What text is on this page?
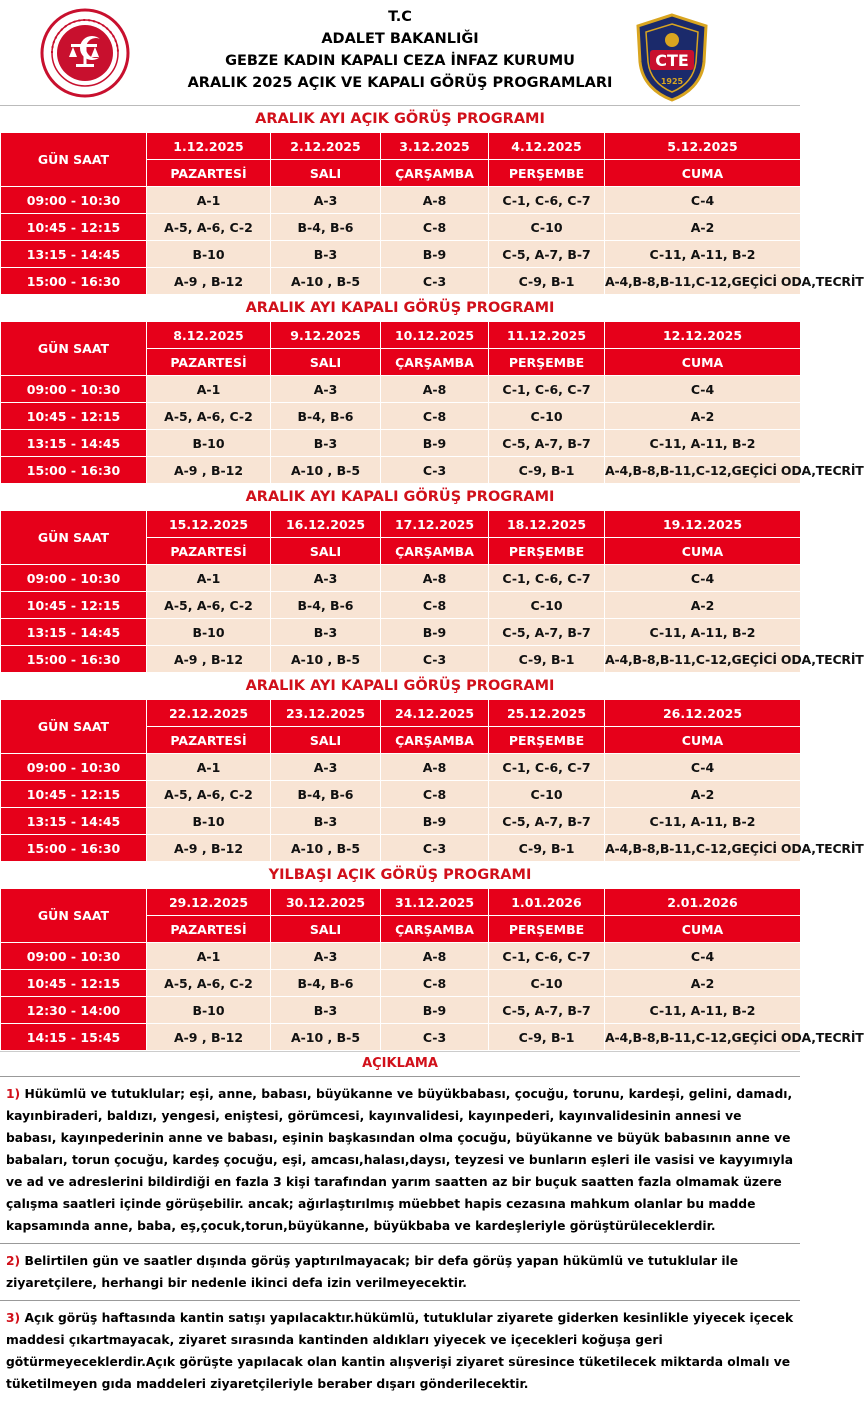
T.C
ADALET BAKANLIĞI
GEBZE KADIN KAPALI CEZA İNFAZ KURUMU
ARALIK 2025 AÇIK VE KAPALI GÖRÜŞ PROGRAMLARI
CTE
1925
ARALIK AYI AÇIK GÖRÜŞ PROGRAMI
GÜN SAAT	1.12.2025	2.12.2025	3.12.2025	4.12.2025	5.12.2025
	PAZARTESİ	SALI	ÇARŞAMBA	PERŞEMBE	CUMA
09:00 - 10:30	A-1	A-3	A-8	C-1, C-6, C-7	C-4
10:45 - 12:15	A-5, A-6, C-2	B-4, B-6	C-8	C-10	A-2
13:15 - 14:45	B-10	B-3	B-9	C-5, A-7, B-7	C-11, A-11, B-2
15:00 - 16:30	A-9 , B-12	A-10 , B-5	C-3	C-9, B-1	A-4,B-8,B-11,C-12,GEÇİCİ ODA,TECRİT
ARALIK AYI KAPALI GÖRÜŞ PROGRAMI
GÜN SAAT	8.12.2025	9.12.2025	10.12.2025	11.12.2025	12.12.2025
	PAZARTESİ	SALI	ÇARŞAMBA	PERŞEMBE	CUMA
09:00 - 10:30	A-1	A-3	A-8	C-1, C-6, C-7	C-4
10:45 - 12:15	A-5, A-6, C-2	B-4, B-6	C-8	C-10	A-2
13:15 - 14:45	B-10	B-3	B-9	C-5, A-7, B-7	C-11, A-11, B-2
15:00 - 16:30	A-9 , B-12	A-10 , B-5	C-3	C-9, B-1	A-4,B-8,B-11,C-12,GEÇİCİ ODA,TECRİT
ARALIK AYI KAPALI GÖRÜŞ PROGRAMI
GÜN SAAT	15.12.2025	16.12.2025	17.12.2025	18.12.2025	19.12.2025
	PAZARTESİ	SALI	ÇARŞAMBA	PERŞEMBE	CUMA
09:00 - 10:30	A-1	A-3	A-8	C-1, C-6, C-7	C-4
10:45 - 12:15	A-5, A-6, C-2	B-4, B-6	C-8	C-10	A-2
13:15 - 14:45	B-10	B-3	B-9	C-5, A-7, B-7	C-11, A-11, B-2
15:00 - 16:30	A-9 , B-12	A-10 , B-5	C-3	C-9, B-1	A-4,B-8,B-11,C-12,GEÇİCİ ODA,TECRİT
ARALIK AYI KAPALI GÖRÜŞ PROGRAMI
GÜN SAAT	22.12.2025	23.12.2025	24.12.2025	25.12.2025	26.12.2025
	PAZARTESİ	SALI	ÇARŞAMBA	PERŞEMBE	CUMA
09:00 - 10:30	A-1	A-3	A-8	C-1, C-6, C-7	C-4
10:45 - 12:15	A-5, A-6, C-2	B-4, B-6	C-8	C-10	A-2
13:15 - 14:45	B-10	B-3	B-9	C-5, A-7, B-7	C-11, A-11, B-2
15:00 - 16:30	A-9 , B-12	A-10 , B-5	C-3	C-9, B-1	A-4,B-8,B-11,C-12,GEÇİCİ ODA,TECRİT
YILBAŞI AÇIK GÖRÜŞ PROGRAMI
GÜN SAAT	29.12.2025	30.12.2025	31.12.2025	1.01.2026	2.01.2026
	PAZARTESİ	SALI	ÇARŞAMBA	PERŞEMBE	CUMA
09:00 - 10:30	A-1	A-3	A-8	C-1, C-6, C-7	C-4
10:45 - 12:15	A-5, A-6, C-2	B-4, B-6	C-8	C-10	A-2
12:30 - 14:00	B-10	B-3	B-9	C-5, A-7, B-7	C-11, A-11, B-2
14:15 - 15:45	A-9 , B-12	A-10 , B-5	C-3	C-9, B-1	A-4,B-8,B-11,C-12,GEÇİCİ ODA,TECRİT
AÇIKLAMA
1) Hükümlü ve tutuklular; eşi, anne, babası, büyükanne ve büyükbabası, çocuğu, torunu, kardeşi, gelini, damadı, kayınbiraderi, baldızı, yengesi, eniştesi, görümcesi, kayınvalidesi, kayınpederi, kayınvalidesinin annesi ve babası, kayınpederinin anne ve babası, eşinin başkasından olma çocuğu, büyükanne ve büyük babasının anne ve babaları, torun çocuğu, kardeş çocuğu, eşi, amcası,halası,daysı, teyzesi ve bunların eşleri ile vasisi ve kayyımıyla ve ad ve adreslerini bildirdiği en fazla 3 kişi tarafından yarım saatten az bir buçuk saatten fazla olmamak üzere çalışma saatleri içinde görüşebilir. ancak; ağırlaştırılmış müebbet hapis cezasına mahkum olanlar bu madde kapsamında anne, baba, eş,çocuk,torun,büyükanne, büyükbaba ve kardeşleriyle görüştürüleceklerdir.
2) Belirtilen gün ve saatler dışında görüş yaptırılmayacak; bir defa görüş yapan hükümlü ve tutuklular ile ziyaretçilere, herhangi bir nedenle ikinci defa izin verilmeyecektir.
3) Açık görüş haftasında kantin satışı yapılacaktır.hükümlü, tutuklular ziyarete giderken kesinlikle yiyecek içecek maddesi çıkartmayacak, ziyaret sırasında kantinden aldıkları yiyecek ve içecekleri koğuşa geri götürmeyeceklerdir.Açık görüşte yapılacak olan kantin alışverişi ziyaret süresince tüketilecek miktarda olmalı ve tüketilmeyen gıda maddeleri ziyaretçileriyle beraber dışarı gönderilecektir.
